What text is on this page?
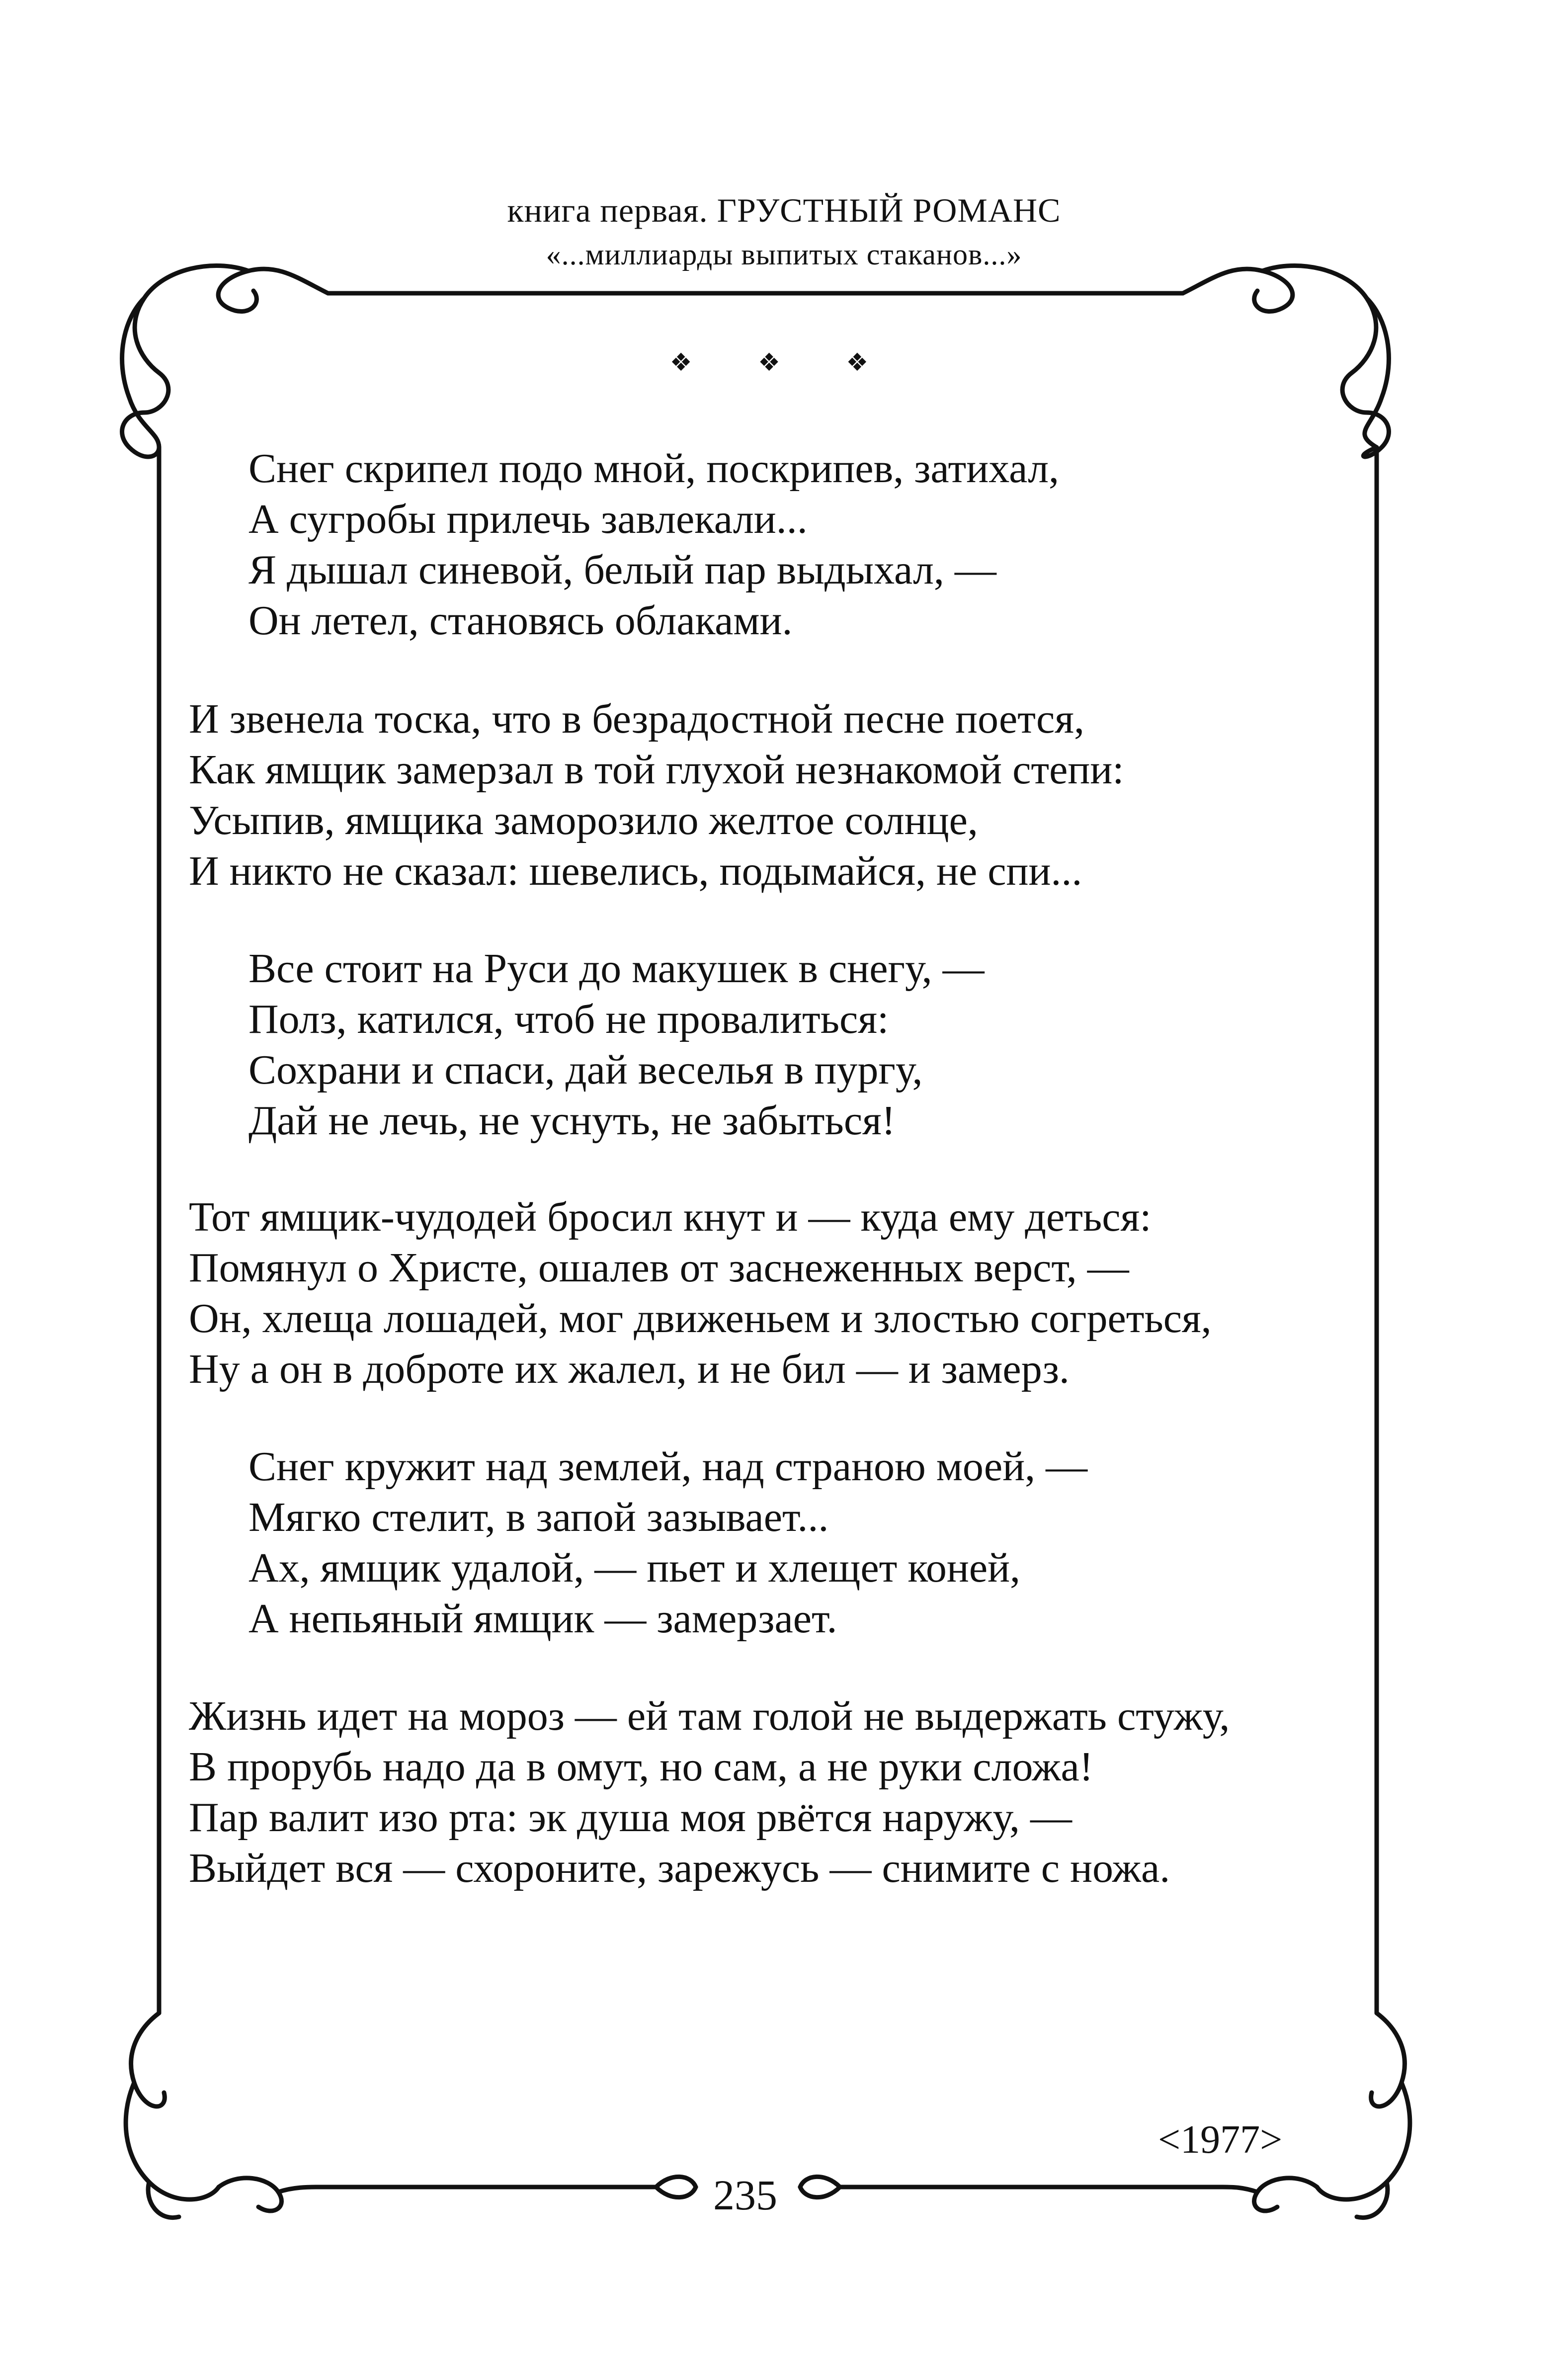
книга первая. ГРУСТНЫЙ РОМАНС
«...миллиарды выпитых стаканов...»
❖ ❖ ❖
Снег скрипел подо мной, поскрипев, затихал,
А сугробы прилечь завлекали...
Я дышал синевой, белый пар выдыхал, —
Он летел, становясь облаками.
И звенела тоска, что в безрадостной песне поется,
Как ямщик замерзал в той глухой незнакомой степи:
Усыпив, ямщика заморозило желтое солнце,
И никто не сказал: шевелись, подымайся, не спи...
Все стоит на Руси до макушек в снегу, —
Полз, катился, чтоб не провалиться:
Сохрани и спаси, дай веселья в пургу,
Дай не лечь, не уснуть, не забыться!
Тот ямщик-чудодей бросил кнут и — куда ему деться:
Помянул о Христе, ошалев от заснеженных верст, —
Он, хлеща лошадей, мог движеньем и злостью согреться,
Ну а он в доброте их жалел, и не бил — и замерз.
Снег кружит над землей, над страною моей, —
Мягко стелит, в запой зазывает...
Ах, ямщик удалой, — пьет и хлещет коней,
А непьяный ямщик — замерзает.
Жизнь идет на мороз — ей там голой не выдержать стужу,
В прорубь надо да в омут, но сам, а не руки сложа!
Пар валит изо рта: эк душа моя рвётся наружу, —
Выйдет вся — схороните, зарежусь — снимите с ножа.
<1977>
235
